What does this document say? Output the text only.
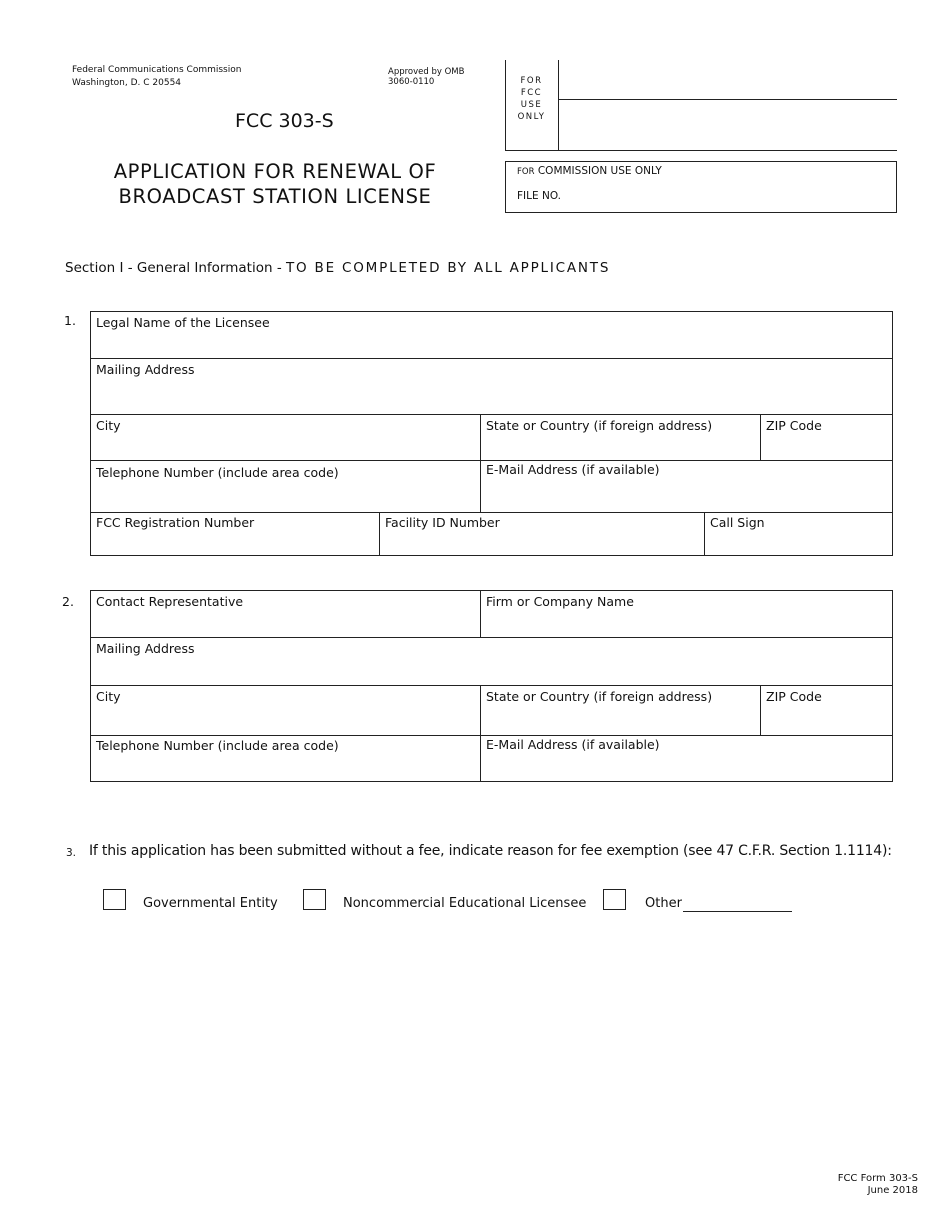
Federal Communications Commission
Washington, D. C 20554
Approved by OMB
3060-0110
FCC 303-S
APPLICATION FOR RENEWAL OF
BROADCAST STATION LICENSE
FOR
FCC
USE
ONLY
FOR COMMISSION USE ONLY
FILE NO.
Section I - General Information - TO BE COMPLETED BY ALL APPLICANTS
1. Legal Name of the Licensee
Mailing Address
City	State or Country (if foreign address)	ZIP Code
Telephone Number (include area code)	E-Mail Address (if available)
FCC Registration Number	Facility ID Number	Call Sign
2. Contact Representative	Firm or Company Name
Mailing Address
City	State or Country (if foreign address)	ZIP Code
Telephone Number (include area code)	E-Mail Address (if available)
3. If this application has been submitted without a fee, indicate reason for fee exemption (see 47 C.F.R. Section 1.1114):
Governmental Entity	Noncommercial Educational Licensee	Other
FCC Form 303-S
June 2018
